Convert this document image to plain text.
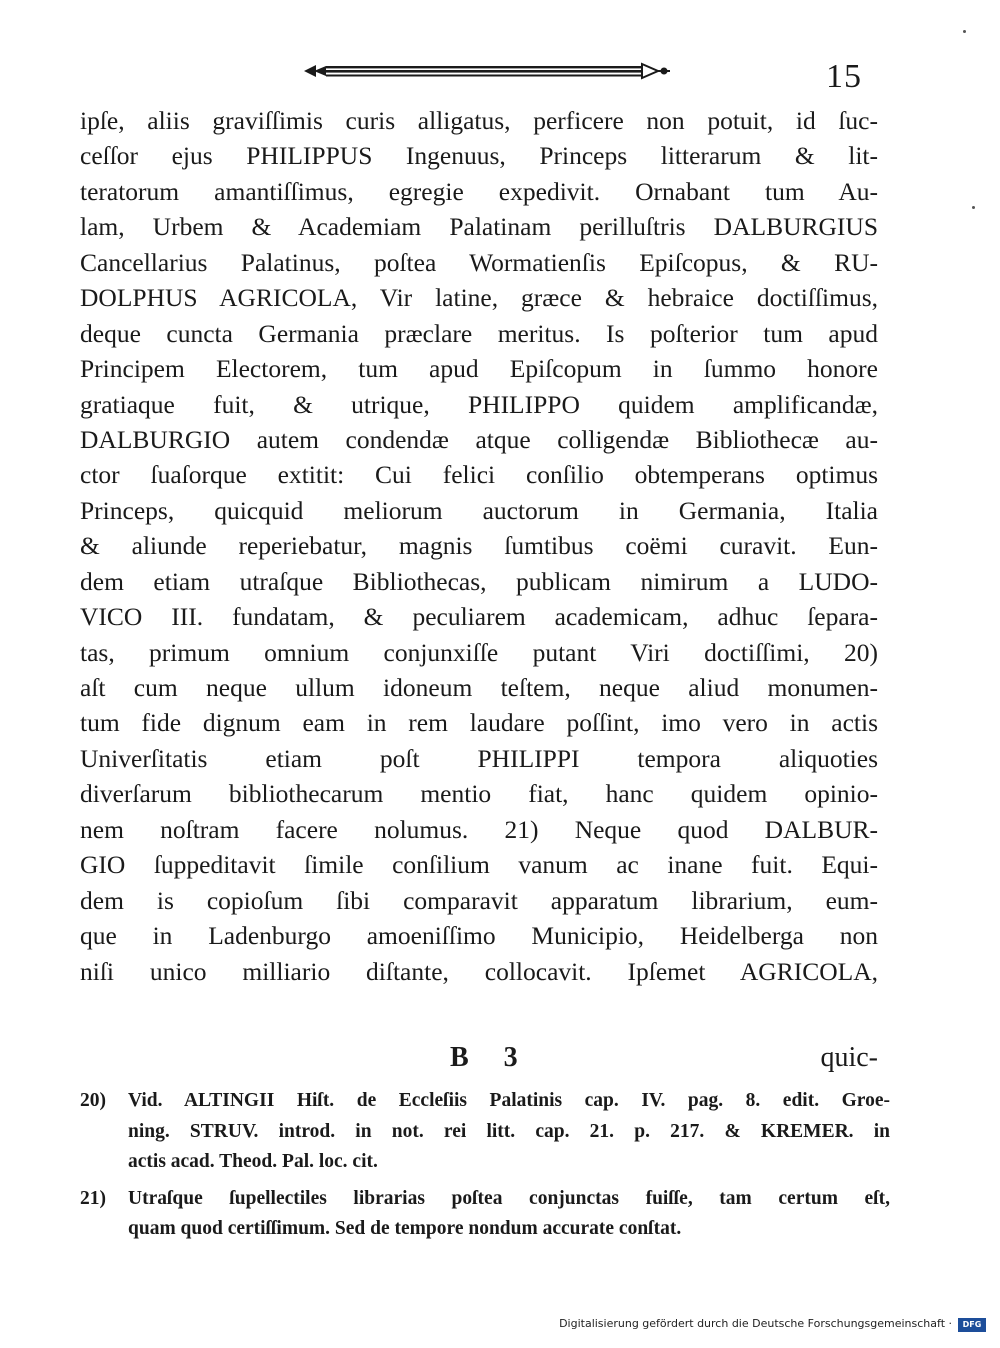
15
ipſe, aliis graviſſimis curis alligatus, perficere non potuit, id ſuc-
ceſſor ejus PHILIPPUS Ingenuus, Princeps litterarum & lit-
teratorum amantiſſimus, egregie expedivit. Ornabant tum Au-
lam, Urbem & Academiam Palatinam perilluſtris DALBURGIUS
Cancellarius Palatinus, poſtea Wormatienſis Epiſcopus, & RU-
DOLPHUS AGRICOLA, Vir latine, græce & hebraice doctiſſimus,
deque cuncta Germania præclare meritus. Is poſterior tum apud
Principem Electorem, tum apud Epiſcopum in ſummo honore
gratiaque fuit, & utrique, PHILIPPO quidem amplificandæ,
DALBURGIO autem condendæ atque colligendæ Bibliothecæ au-
ctor ſuaſorque extitit: Cui felici conſilio obtemperans optimus
Princeps, quicquid meliorum auctorum in Germania, Italia
& aliunde reperiebatur, magnis ſumtibus coëmi curavit. Eun-
dem etiam utraſque Bibliothecas, publicam nimirum a LUDO-
VICO III. fundatam, & peculiarem academicam, adhuc ſepara-
tas, primum omnium conjunxiſſe putant Viri doctiſſimi, 20)
aſt cum neque ullum idoneum teſtem, neque aliud monumen-
tum fide dignum eam in rem laudare poſſint, imo vero in actis
Univerſitatis etiam poſt PHILIPPI tempora aliquoties
diverſarum bibliothecarum mentio fiat, hanc quidem opinio-
nem noſtram facere nolumus. 21) Neque quod DALBUR-
GIO ſuppeditavit ſimile conſilium vanum ac inane fuit. Equi-
dem is copioſum ſibi comparavit apparatum librarium, eum-
que in Ladenburgo amoeniſſimo Municipio, Heidelberga non
niſi unico milliario diſtante, collocavit. Ipſemet AGRICOLA,
B 3	quic-
20)	Vid. ALTINGII Hiſt. de Eccleſiis Palatinis cap. IV. pag. 8. edit. Groe-
ning. STRUV. introd. in not. rei litt. cap. 21. p. 217. & KREMER. in
actis acad. Theod. Pal. loc. cit.
21)	Utraſque ſupellectiles librarias poſtea conjunctas fuiſſe, tam certum eſt,
quam quod certiſſimum. Sed de tempore nondum accurate conſtat.
Digitalisierung gefördert durch die Deutsche Forschungsgemeinschaft ·	DFG
